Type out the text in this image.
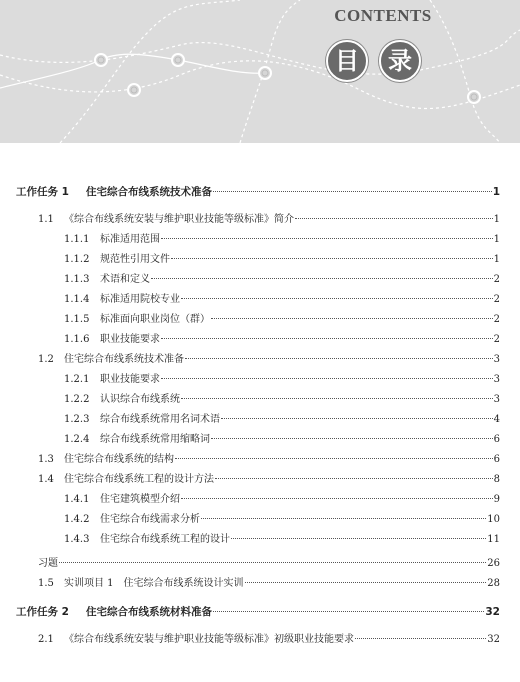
CONTENTS
目	录
工作任务 1	住宅综合布线系统技术准备	1
1.1	《综合布线系统安装与维护职业技能等级标准》简介	1
1.1.1	标准适用范围	1
1.1.2	规范性引用文件	1
1.1.3	术语和定义	2
1.1.4	标准适用院校专业	2
1.1.5	标准面向职业岗位（群）	2
1.1.6	职业技能要求	2
1.2	住宅综合布线系统技术准备	3
1.2.1	职业技能要求	3
1.2.2	认识综合布线系统	3
1.2.3	综合布线系统常用名词术语	4
1.2.4	综合布线系统常用缩略词	6
1.3	住宅综合布线系统的结构	6
1.4	住宅综合布线系统工程的设计方法	8
1.4.1	住宅建筑模型介绍	9
1.4.2	住宅综合布线需求分析	10
1.4.3	住宅综合布线系统工程的设计	11
习题	26
1.5	实训项目 1　住宅综合布线系统设计实训	28
工作任务 2	住宅综合布线系统材料准备	32
2.1	《综合布线系统安装与维护职业技能等级标准》初级职业技能要求	32
